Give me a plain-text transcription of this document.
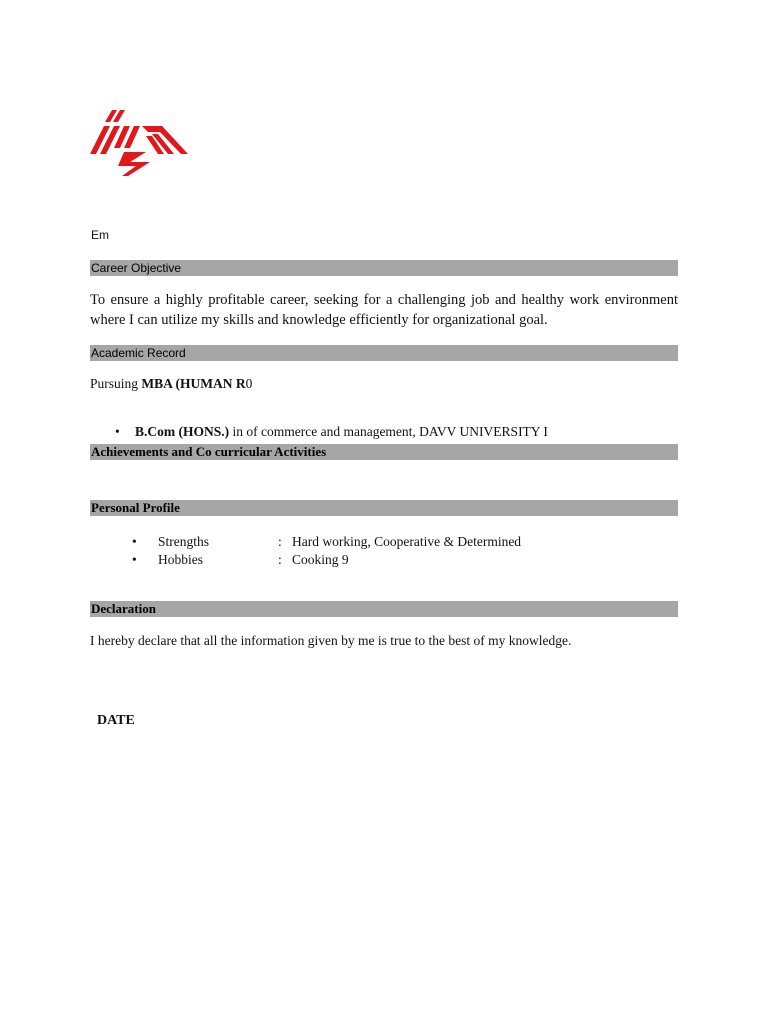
Em
Career Objective
To ensure a highly profitable career, seeking for a challenging job and healthy work environment where I can utilize my skills and knowledge efficiently for organizational goal.
Academic Record
Pursuing MBA (HUMAN R0
• B.Com (HONS.) in of commerce and management, DAVV UNIVERSITY I
Achievements and Co curricular Activities
Personal Profile
• Strengths	: Hard working, Cooperative & Determined
• Hobbies	: Cooking 9
Declaration
I hereby declare that all the information given by me is true to the best of my knowledge.
DATE
